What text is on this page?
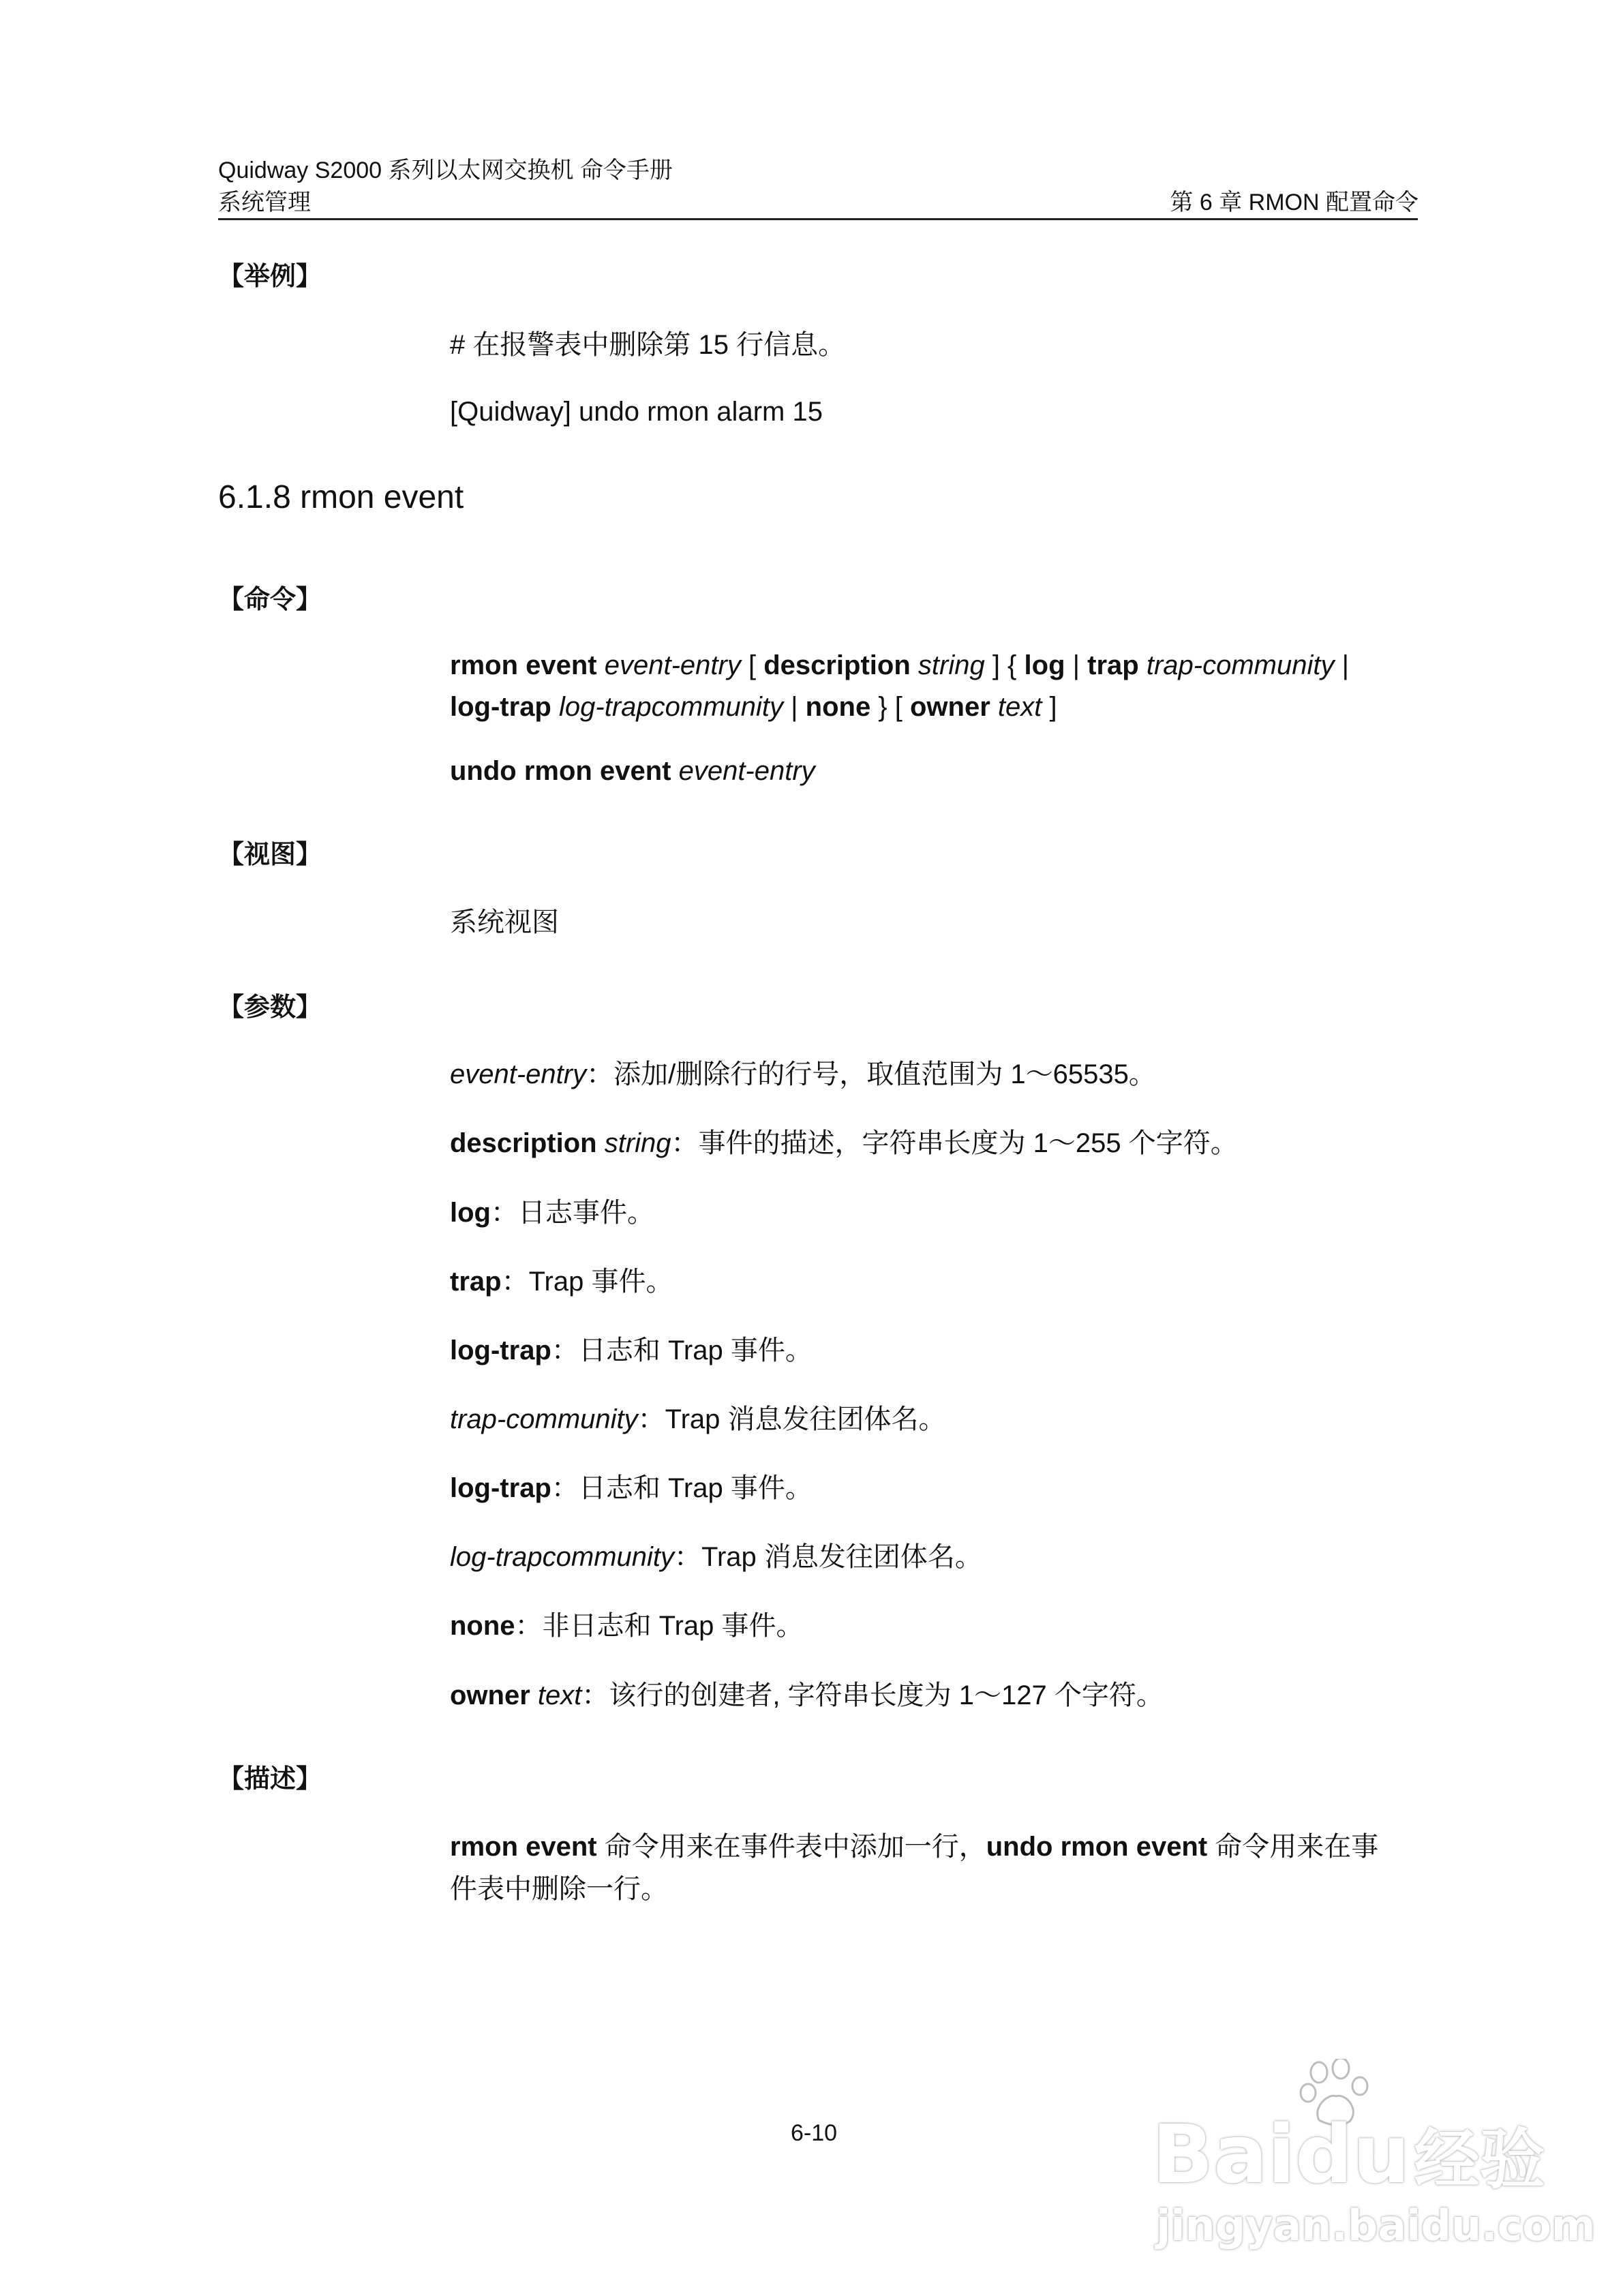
Quidway S2000 系列以太网交换机 命令手册
系统管理	第 6 章 RMON 配置命令
【举例】
# 在报警表中删除第 15 行信息。
[Quidway] undo rmon alarm 15
6.1.8 rmon event
【命令】
rmon event event-entry [ description string ] { log | trap trap-community |
log-trap log-trapcommunity | none } [ owner text ]
undo rmon event event-entry
【视图】
系统视图
【参数】
event-entry：添加/删除行的行号，取值范围为 1～65535。
description string：事件的描述，字符串长度为 1～255 个字符。
log：日志事件。
trap：Trap 事件。
log-trap：日志和 Trap 事件。
trap-community：Trap 消息发往团体名。
log-trap：日志和 Trap 事件。
log-trapcommunity：Trap 消息发往团体名。
none：非日志和 Trap 事件。
owner text：该行的创建者, 字符串长度为 1～127 个字符。
【描述】
rmon event 命令用来在事件表中添加一行，undo rmon event 命令用来在事
件表中删除一行。
6-10	Baidu经验
jingyan.baidu.com
